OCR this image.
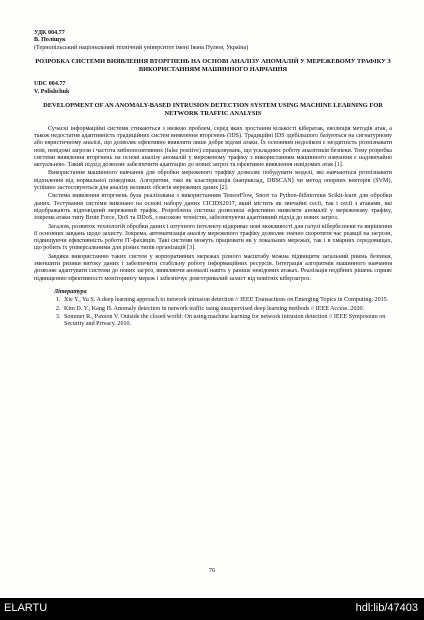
УДК 004.77

В. Поліщук

(Тернопільський національний технічний університет імені Івана Пулюя, Україна)

РОЗРОБКА СИСТЕМИ ВИЯВЛЕННЯ ВТОРГНЕНЬ НА ОСНОВІ АНАЛІЗУ АНОМАЛІЙ У МЕРЕЖЕВОМУ ТРАФІКУ З ВИКОРИСТАННЯМ МАШИННОГО НАВЧАННЯ

UDC 004.77

V. Polishchuk

DEVELOPMENT OF AN ANOMALY-BASED INTRUSION DETECTION SYSTEM USING MACHINE LEARNING FOR NETWORK TRAFFIC ANALYSIS

Сучасні інформаційні системи стикаються з низкою проблем, серед яких зростання кількості кібератак, еволюція методів атак, а також недостатня адаптивність традиційних систем виявлення вторгнень (IDS). Традиційні IDS здебільшого базуються на сигнатурному або евристичному аналізі, що дозволяє ефективно виявляти лише добре відомі атаки. Їх основним недоліком є нездатність розпізнавати нові, невідомі загрози і частота хибнопозитивних (false positive) спрацьовувань, що ускладнює роботу аналітиків безпеки. Тому розробка системи виявлення вторгнень на основі аналізу аномалій у мережевому трафіку з використанням машинного навчання є надзвичайно актуальною. Такий підхід дозволяє забезпечити адаптацію до нових загроз та ефективне виявлення невідомих атак [1].

Використання машинного навчання для обробки мережевого трафіку дозволяє побудувати моделі, які навчаються розпізнавати відхилення від нормальної поведінки. Алгоритми, такі як кластеризація (наприклад, DBSCAN) чи метод опорних векторів (SVM), успішно застосовуються для аналізу великих обсягів мережевих даних [2].

Система виявлення вторгнень була реалізована з використанням TensorFlow, Snort та Python-бібліотеки Scikit-learn для обробки даних. Тестування системи виконано на основі набору даних CICIDS2017, який містить як звичайні сесії, так і сесії з атаками, які відображають відповідний мережевий трафік. Розроблена система дозволила ефективно виявляти аномалії у мережевому трафіку, зокрема атаки типу Brute Force, DoS та DDoS, з високою точністю, забезпечуючи адаптивний підхід до нових загроз.

Загалом, розвиток технологій обробки даних і штучного інтелекту відкриває нові можливості для галузі кібербезпеки та вирішення її основних завдань щодо захисту. Зокрема, автоматизація аналізу мережевого трафіку дозволяє значно скоротити час реакції на загрози, підвищуючи ефективність роботи ІТ-фахівців. Такі системи можуть працювати як у локальних мережах, так і в хмарних середовищах, що робить їх універсальними для різних типів організацій [3].

Завдяки використанню таких систем у корпоративних мережах різного масштабу можна підвищити загальний рівень безпеки, зменшити ризики витоку даних і забезпечити стабільну роботу інформаційних ресурсів. Інтеграція алгоритмів машинного навчання дозволяє адаптувати системи до нових загроз, виявляючи аномалії навіть у раніше невідомих атаках. Реалізація подібних рішень сприяє підвищенню ефективності моніторингу мереж і забезпечує довготривалий захист від новітніх кіберзагроз.

Література

1. Xie Y., Yu S. A deep learning approach to network intrusion detection // IEEE Transactions on Emerging Topics in Computing. 2015.
2. Kim D. Y., Kang H. Anomaly detection in network traffic using unsupervised deep learning methods // IEEE Access. 2020.
3. Sommer R., Paxson V. Outside the closed world: On using machine learning for network intrusion detection // IEEE Symposium on Security and Privacy. 2010.
76
ELARTU	hdl:lib/47403
